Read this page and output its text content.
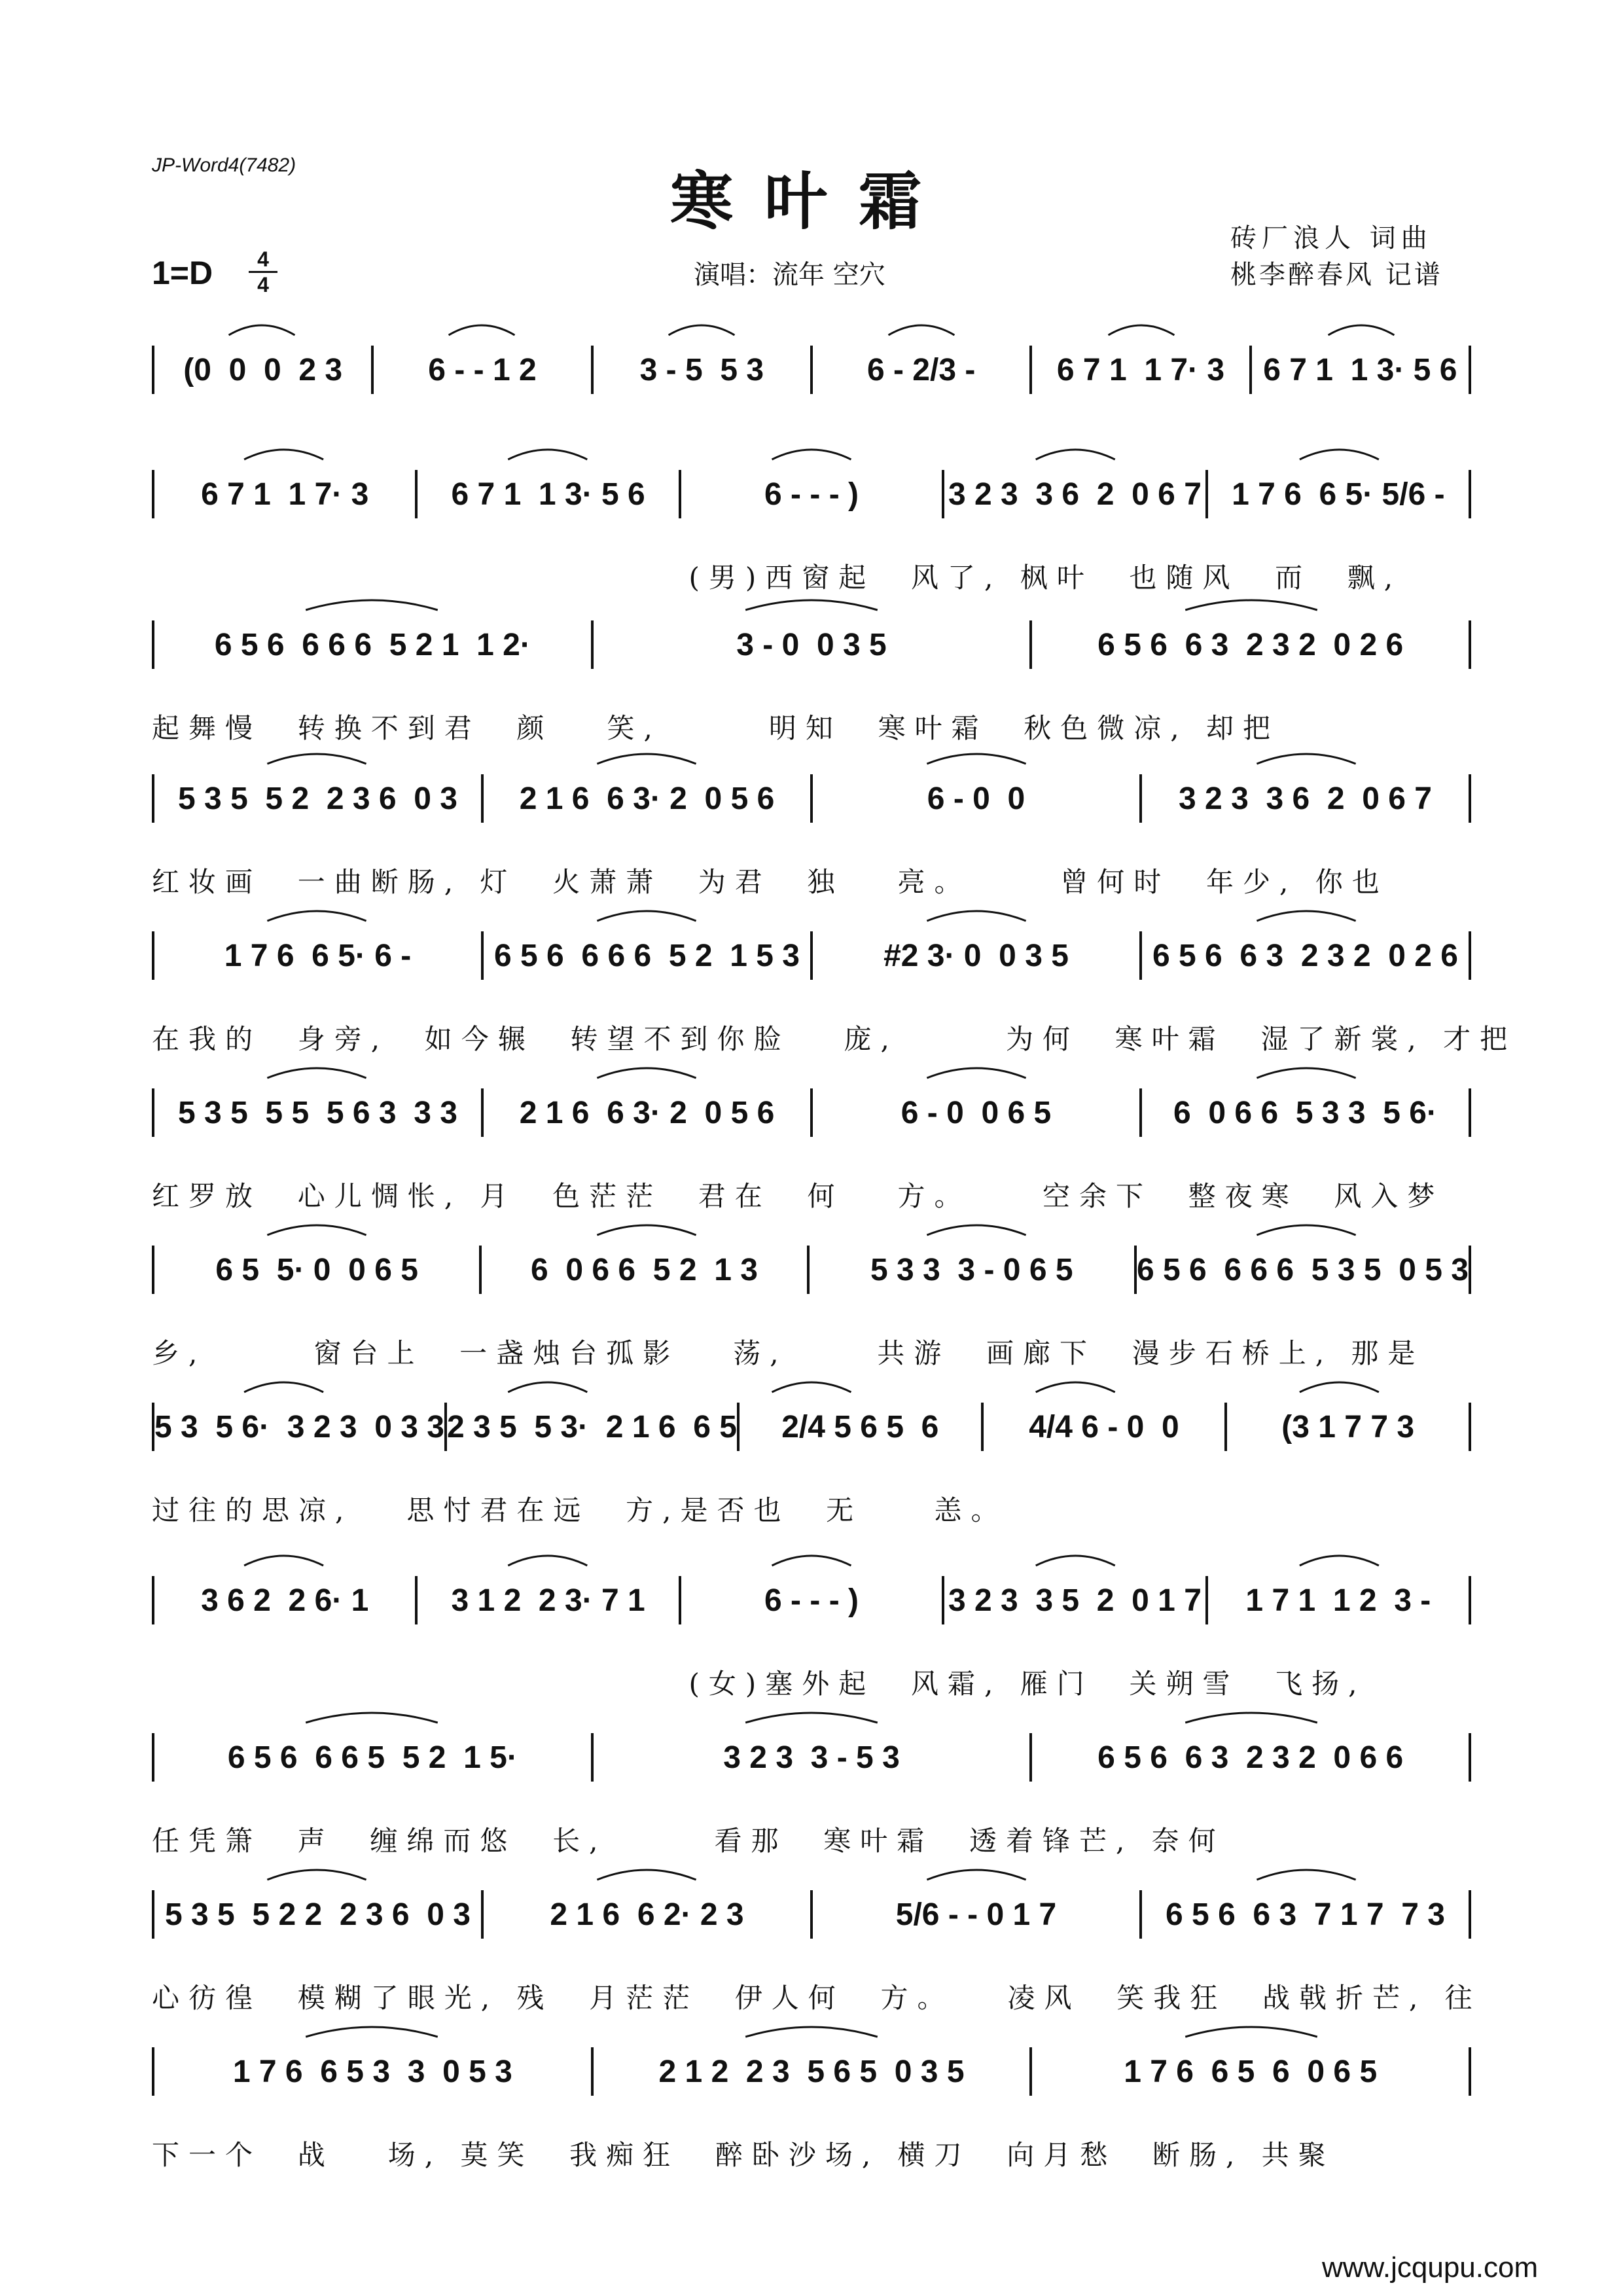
JP-Word4(7482)	寒叶霜
$1=D \frac{4}{4}$	演唱：流年 空穴
砖厂浪人 词曲
桃李醉春风 记谱
(0  0  0  2 3	6 - - 1 2	3 - 5  5 3	6 - 2/3 -	6 7 1  1 7· 3	6 7 1  1 3· 5 6
6 7 1  1 7· 3	6 7 1  1 3· 5 6	6 - - - )	3 2 3  3 6  2  0 6 7 1 7 6  6 5· 5/6 -
(男)西窗起  风了, 枫叶  也随风  而  飘,
6 5 6  6 6 6  5 2 1  1 2·	3 - 0  0 3 5	6 5 6  6 3  2 3 2  0 2 6
起舞慢  转换不到君  颜   笑,      明知  寒叶霜  秋色微凉, 却把
5 3 5  5 2  2 3 6  0 3	2 1 6  6 3· 2  0 5 6	6 - 0  0	3 2 3  3 6  2  0 6 7
红妆画  一曲断肠, 灯  火萧萧  为君  独   亮。     曾何时  年少, 你也
1 7 6  6 5· 6 -	6 5 6  6 6 6  5 2  1 5 3	#2 3· 0  0 3 5	6 5 6  6 3  2 3 2  0 2 6
在我的  身旁,  如今辗  转望不到你脸   庞,      为何  寒叶霜  湿了新裳, 才把
5 3 5  5 5  5 6 3  3 3	2 1 6  6 3· 2  0 5 6	6 - 0  0 6 5	6  0 6 6  5 3 3  5 6·
红罗放  心儿惆怅, 月  色茫茫  君在  何   方。    空余下  整夜寒  风入梦
6 5  5· 0  0 6 5	6  0 6 6  5 2  1 3	5 3 3  3 - 0 6 5	6 5 6  6 6 6  5 3 5  0 5 3
乡,      窗台上  一盏烛台孤影   荡,     共游  画廊下  漫步石桥上, 那是
5 3  5 6·  3 2 3  0 3 3 2 3 5  5 3·  2 1 6  6 5	2/4 5 6 5  6	4/4 6 - 0  0	(3 1 7 7 3
过往的思凉,   思忖君在远  方,是否也  无    恙。
3 6 2  2 6· 1	3 1 2  2 3· 7 1	6 - - - )	3 2 3  3 5  2  0 1 7	1 7 1  1 2  3 -
(女)塞外起  风霜, 雁门  关朔雪  飞扬,
6 5 6  6 6 5  5 2  1 5·	3 2 3  3 - 5 3	6 5 6  6 3  2 3 2  0 6 6
任凭箫  声  缠绵而悠  长,      看那  寒叶霜  透着锋芒, 奈何
5 3 5  5 2 2  2 3 6  0 3	2 1 6  6 2· 2 3	5/6 - - 0 1 7	6 5 6  6 3  7 1 7  7 3
心彷徨  模糊了眼光, 残  月茫茫  伊人何  方。   凌风  笑我狂  战戟折芒, 往
1 7 6  6 5 3  3  0 5 3	2 1 2  2 3  5 6 5  0 3 5	1 7 6  6 5  6  0 6 5
下一个  战   场, 莫笑  我痴狂  醉卧沙场, 横刀  向月愁  断肠, 共聚
www.jcqupu.com
